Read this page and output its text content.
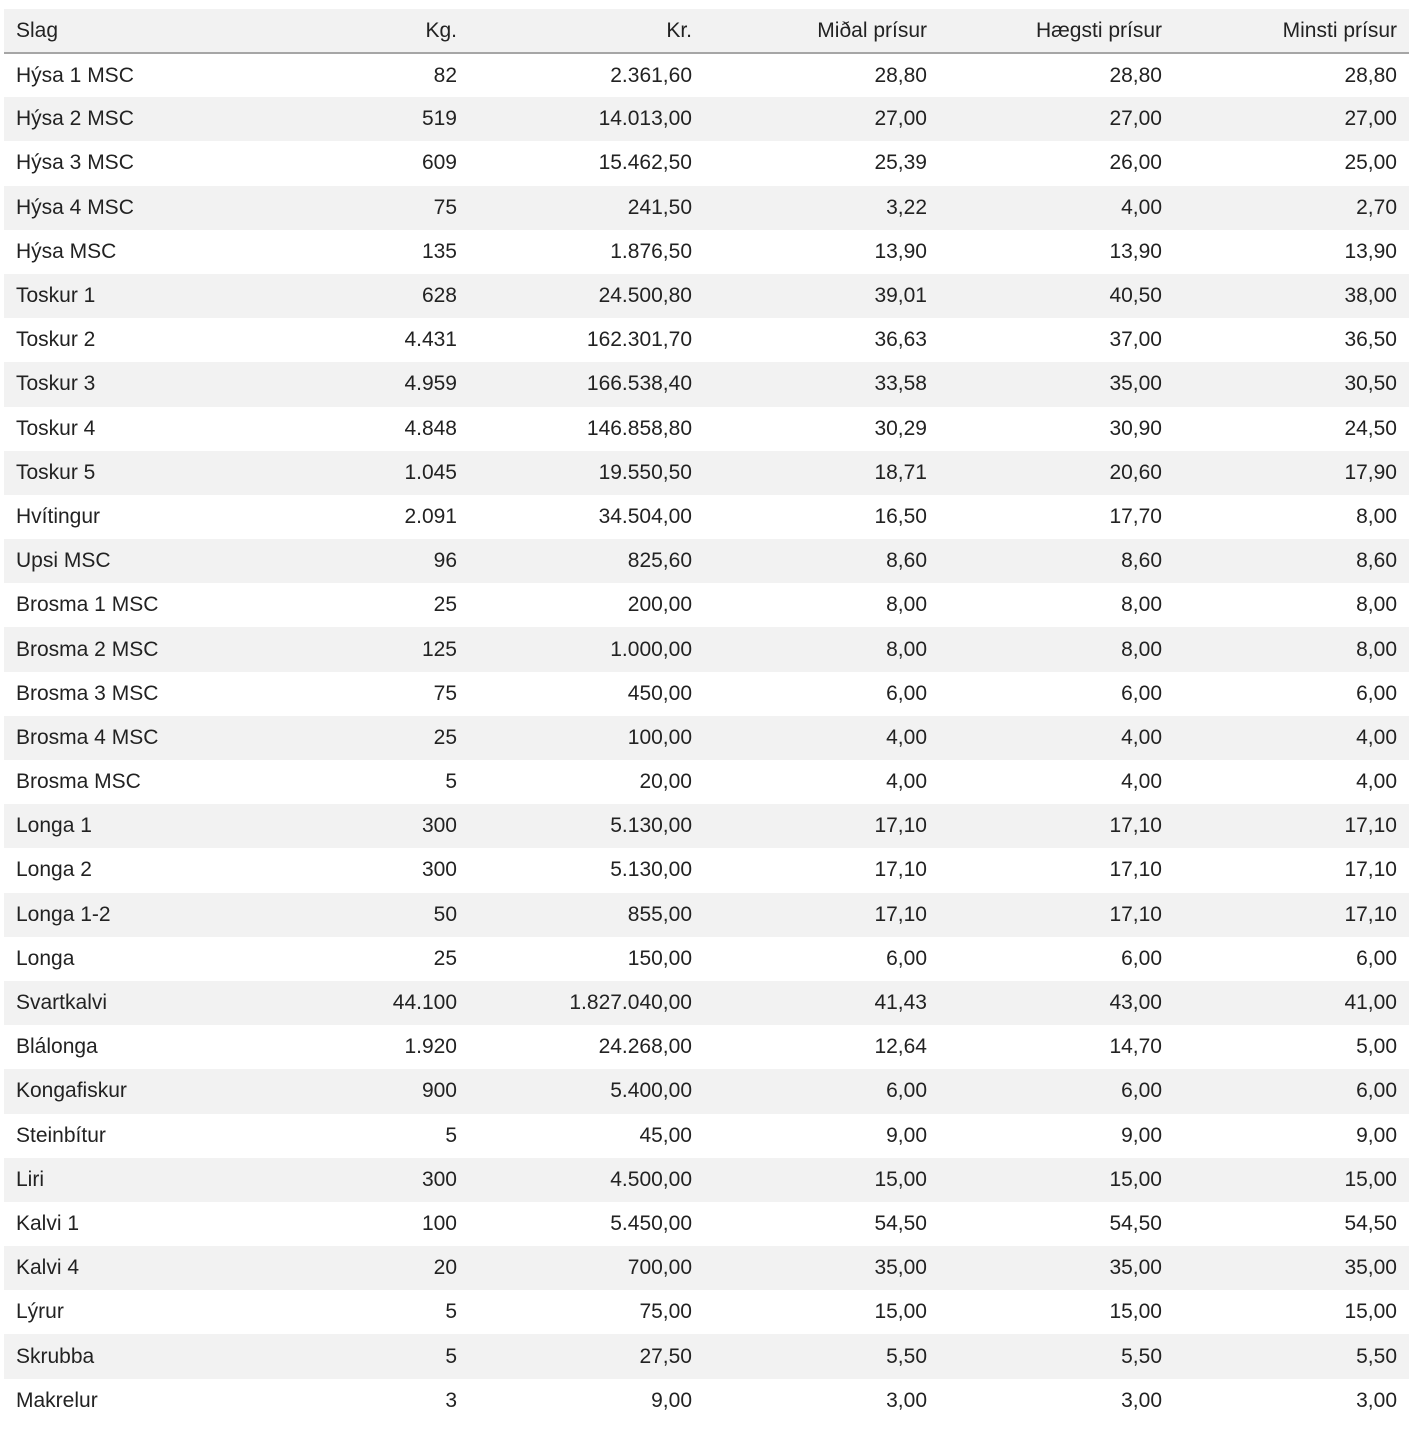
Slag	Kg.	Kr.	Miðal prísur	Hægsti prísur	Minsti prísur
Hýsa 1 MSC	82	2.361,60	28,80	28,80	28,80
Hýsa 2 MSC	519	14.013,00	27,00	27,00	27,00
Hýsa 3 MSC	609	15.462,50	25,39	26,00	25,00
Hýsa 4 MSC	75	241,50	3,22	4,00	2,70
Hýsa MSC	135	1.876,50	13,90	13,90	13,90
Toskur 1	628	24.500,80	39,01	40,50	38,00
Toskur 2	4.431	162.301,70	36,63	37,00	36,50
Toskur 3	4.959	166.538,40	33,58	35,00	30,50
Toskur 4	4.848	146.858,80	30,29	30,90	24,50
Toskur 5	1.045	19.550,50	18,71	20,60	17,90
Hvítingur	2.091	34.504,00	16,50	17,70	8,00
Upsi MSC	96	825,60	8,60	8,60	8,60
Brosma 1 MSC	25	200,00	8,00	8,00	8,00
Brosma 2 MSC	125	1.000,00	8,00	8,00	8,00
Brosma 3 MSC	75	450,00	6,00	6,00	6,00
Brosma 4 MSC	25	100,00	4,00	4,00	4,00
Brosma MSC	5	20,00	4,00	4,00	4,00
Longa 1	300	5.130,00	17,10	17,10	17,10
Longa 2	300	5.130,00	17,10	17,10	17,10
Longa 1-2	50	855,00	17,10	17,10	17,10
Longa	25	150,00	6,00	6,00	6,00
Svartkalvi	44.100	1.827.040,00	41,43	43,00	41,00
Blálonga	1.920	24.268,00	12,64	14,70	5,00
Kongafiskur	900	5.400,00	6,00	6,00	6,00
Steinbítur	5	45,00	9,00	9,00	9,00
Liri	300	4.500,00	15,00	15,00	15,00
Kalvi 1	100	5.450,00	54,50	54,50	54,50
Kalvi 4	20	700,00	35,00	35,00	35,00
Lýrur	5	75,00	15,00	15,00	15,00
Skrubba	5	27,50	5,50	5,50	5,50
Makrelur	3	9,00	3,00	3,00	3,00
